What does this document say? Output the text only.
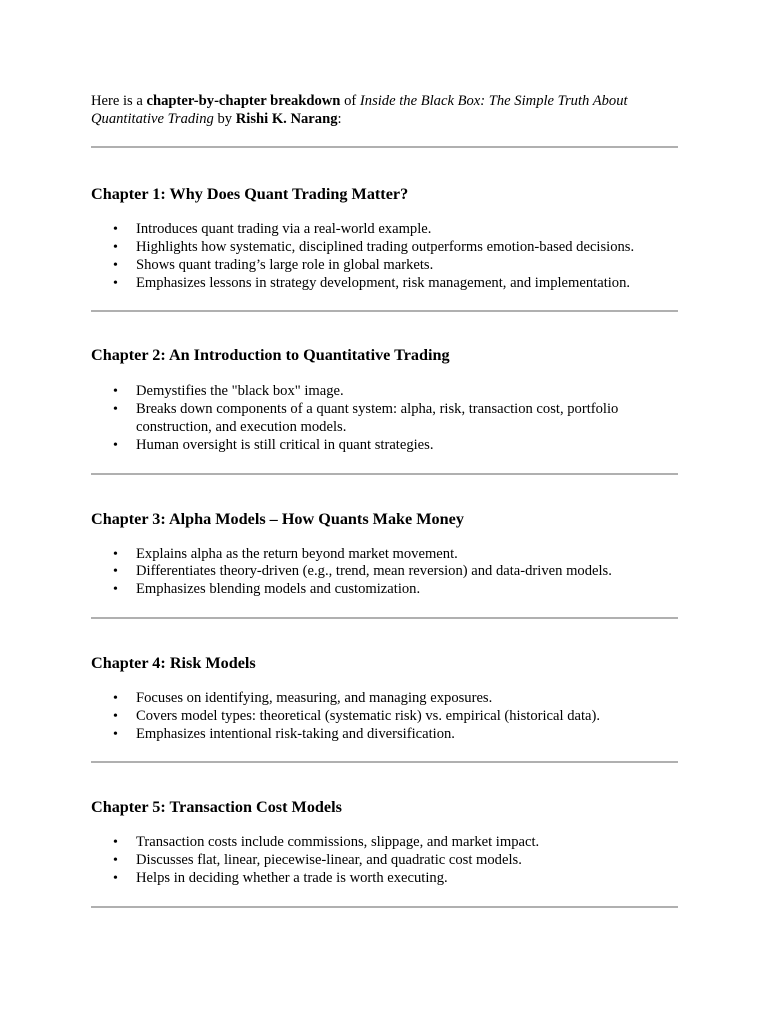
Here is a chapter-by-chapter breakdown of Inside the Black Box: The Simple Truth About Quantitative Trading by Rishi K. Narang:

Chapter 1: Why Does Quant Trading Matter?
• Introduces quant trading via a real-world example.
• Highlights how systematic, disciplined trading outperforms emotion-based decisions.
• Shows quant trading’s large role in global markets.
• Emphasizes lessons in strategy development, risk management, and implementation.
Chapter 2: An Introduction to Quantitative Trading
• Demystifies the "black box" image.
• Breaks down components of a quant system: alpha, risk, transaction cost, portfolio construction, and execution models.
• Human oversight is still critical in quant strategies.
Chapter 3: Alpha Models – How Quants Make Money
• Explains alpha as the return beyond market movement.
• Differentiates theory-driven (e.g., trend, mean reversion) and data-driven models.
• Emphasizes blending models and customization.
Chapter 4: Risk Models
• Focuses on identifying, measuring, and managing exposures.
• Covers model types: theoretical (systematic risk) vs. empirical (historical data).
• Emphasizes intentional risk-taking and diversification.
Chapter 5: Transaction Cost Models
• Transaction costs include commissions, slippage, and market impact.
• Discusses flat, linear, piecewise-linear, and quadratic cost models.
• Helps in deciding whether a trade is worth executing.
